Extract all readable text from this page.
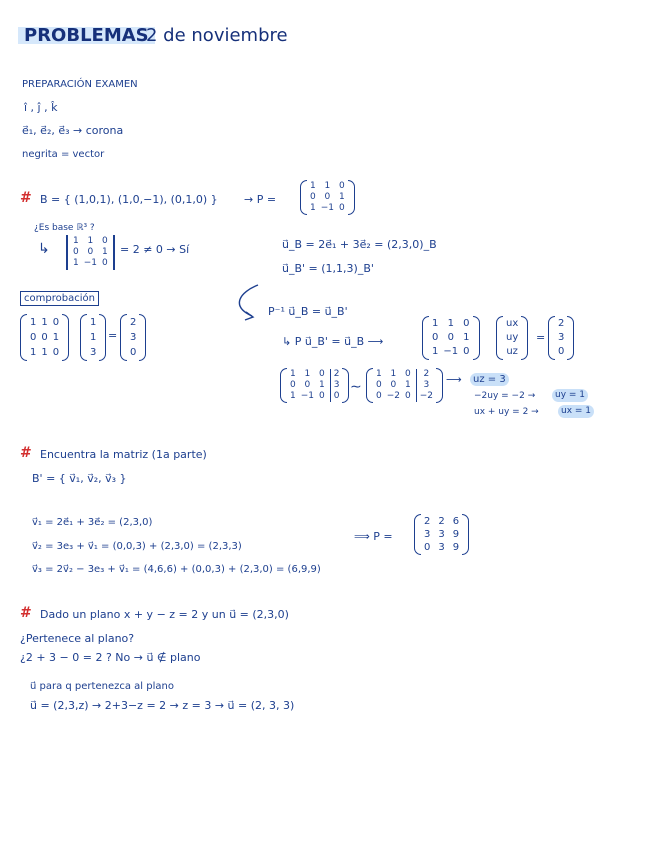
PROBLEMAS
2 de noviembre
PREPARACIÓN EXAMEN
î , ĵ , k̂
e⃗₁, e⃗₂, e⃗₃ → corona
negrita = vector
# B = { (1,0,1), (1,0,−1), (0,1,0) } → P =
1 1 0
0 0 1
1 −1 0
¿Es base ℝ³ ?
↳	1 1 0
0 0 1
1 −1 0
= 2 ≠ 0 → Sí	u⃗_B = 2e⃗₁ + 3e⃗₂ = (2,3,0)_B
u⃗_B' = (1,1,3)_B'
comprobación
1 1 0
0 0 1
1 1 0
1
1
3
=
2
3
0
P⁻¹ u⃗_B = u⃗_B'
↳ P u⃗_B' = u⃗_B ⟶
1 1 0
0 0 1
1 −1 0
ux
uy
uz
=
2
3
0
1 1 0	2
0 0 1	3
1 −1 0	0
∼
1 1 0	2
0 0 1	3
0 −2 0	−2
⟶	uz = 3
−2uy = −2 →	uy = 1
ux + uy = 2 →	ux = 1
# Encuentra la matriz (1a parte)
B' = { v⃗₁, v⃗₂, v⃗₃ }
v⃗₁ = 2e⃗₁ + 3e⃗₂ = (2,3,0)
v⃗₂ = 3e₃ + v⃗₁ = (0,0,3) + (2,3,0) = (2,3,3)
v⃗₃ = 2v⃗₂ − 3e₃ + v⃗₁ = (4,6,6) + (0,0,3) + (2,3,0) = (6,9,9)
⟹ P =
2 2 6
3 3 9
0 3 9
# Dado un plano x + y − z = 2 y un u⃗ = (2,3,0)
¿Pertenece al plano?
¿2 + 3 − 0 = 2 ? No → u⃗ ∉ plano
u⃗ para q pertenezca al plano
u⃗ = (2,3,z) → 2+3−z = 2 → z = 3 → u⃗ = (2, 3, 3)
